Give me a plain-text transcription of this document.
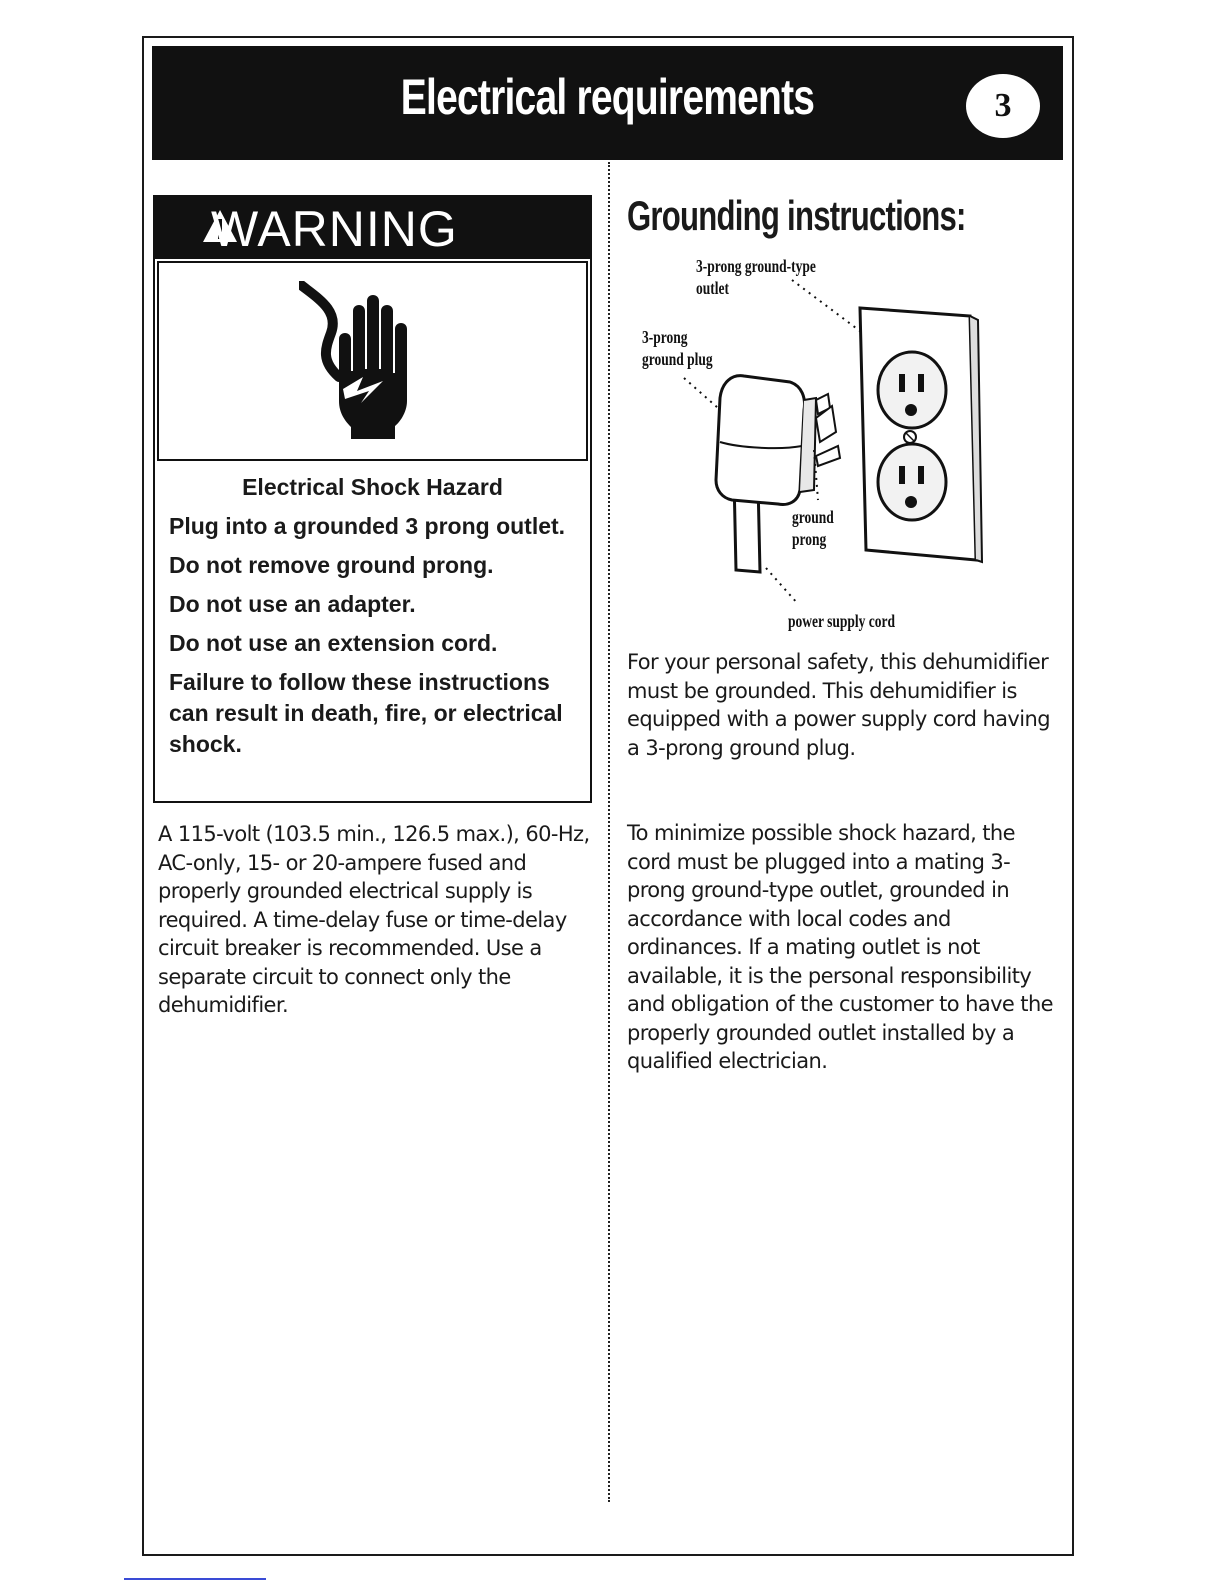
Electrical requirements	3
WARNING
Electrical Shock Hazard
Plug into a grounded 3 prong outlet.
Do not remove ground prong.
Do not use an adapter.
Do not use an extension cord.
Failure to follow these instructions can result in death, fire, or electrical shock.
A 115-volt (103.5 min., 126.5 max.), 60-Hz, AC-only, 15- or 20-ampere fused and properly grounded electrical supply is required. A time-delay fuse or time-delay circuit breaker is recommended. Use a separate circuit to connect only the dehumidifier.
Grounding instructions:
3-prong ground-type
outlet
3-prong
ground plug
ground
prong
power supply cord
For your personal safety, this dehumidifier must be grounded. This dehumidifier is equipped with a power supply cord having a 3-prong ground plug.
To minimize possible shock hazard, the cord must be plugged into a mating 3-prong ground-type outlet, grounded in accordance with local codes and ordinances. If a mating outlet is not available, it is the personal responsibility and obligation of the customer to have the properly grounded outlet installed by a qualified electrician.
